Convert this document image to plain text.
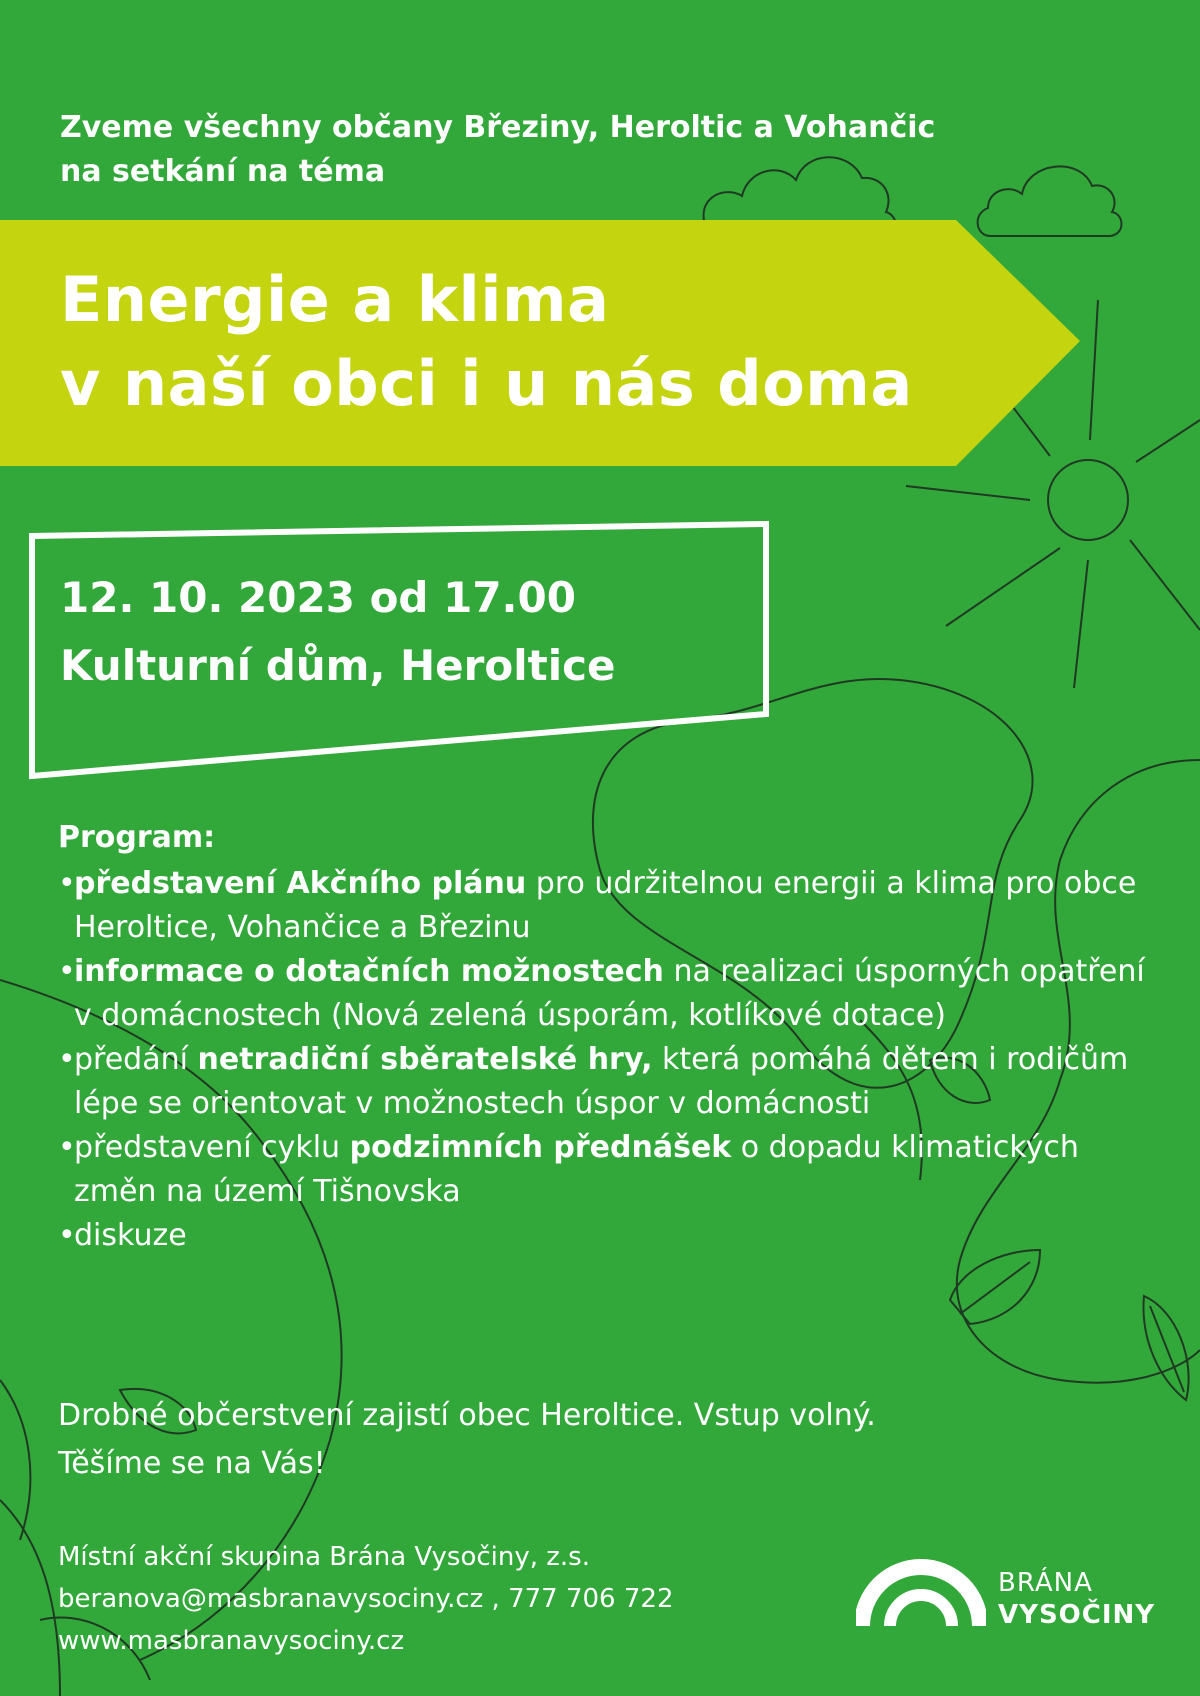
Zveme všechny občany Březiny, Heroltic a Vohančic
na setkání na téma
Energie a klima
v naší obci i u nás doma
12. 10. 2023 od 17.00
Kulturní dům, Heroltice
Program:
• představení Akčního plánu pro udržitelnou energii a klima pro obce Heroltice, Vohančice a Březinu
• informace o dotačních možnostech na realizaci úsporných opatření v domácnostech (Nová zelená úsporám, kotlíkové dotace)
• předání netradiční sběratelské hry, která pomáhá dětem i rodičům lépe se orientovat v možnostech úspor v domácnosti
• představení cyklu podzimních přednášek o dopadu klimatických změn na území Tišnovska
• diskuze
Drobné občerstvení zajistí obec Heroltice. Vstup volný.
Těšíme se na Vás!
Místní akční skupina Brána Vysočiny, z.s.
beranova@masbranavysociny.cz , 777 706 722
www.masbranavysociny.cz
BRÁNA
VYSOČINY
